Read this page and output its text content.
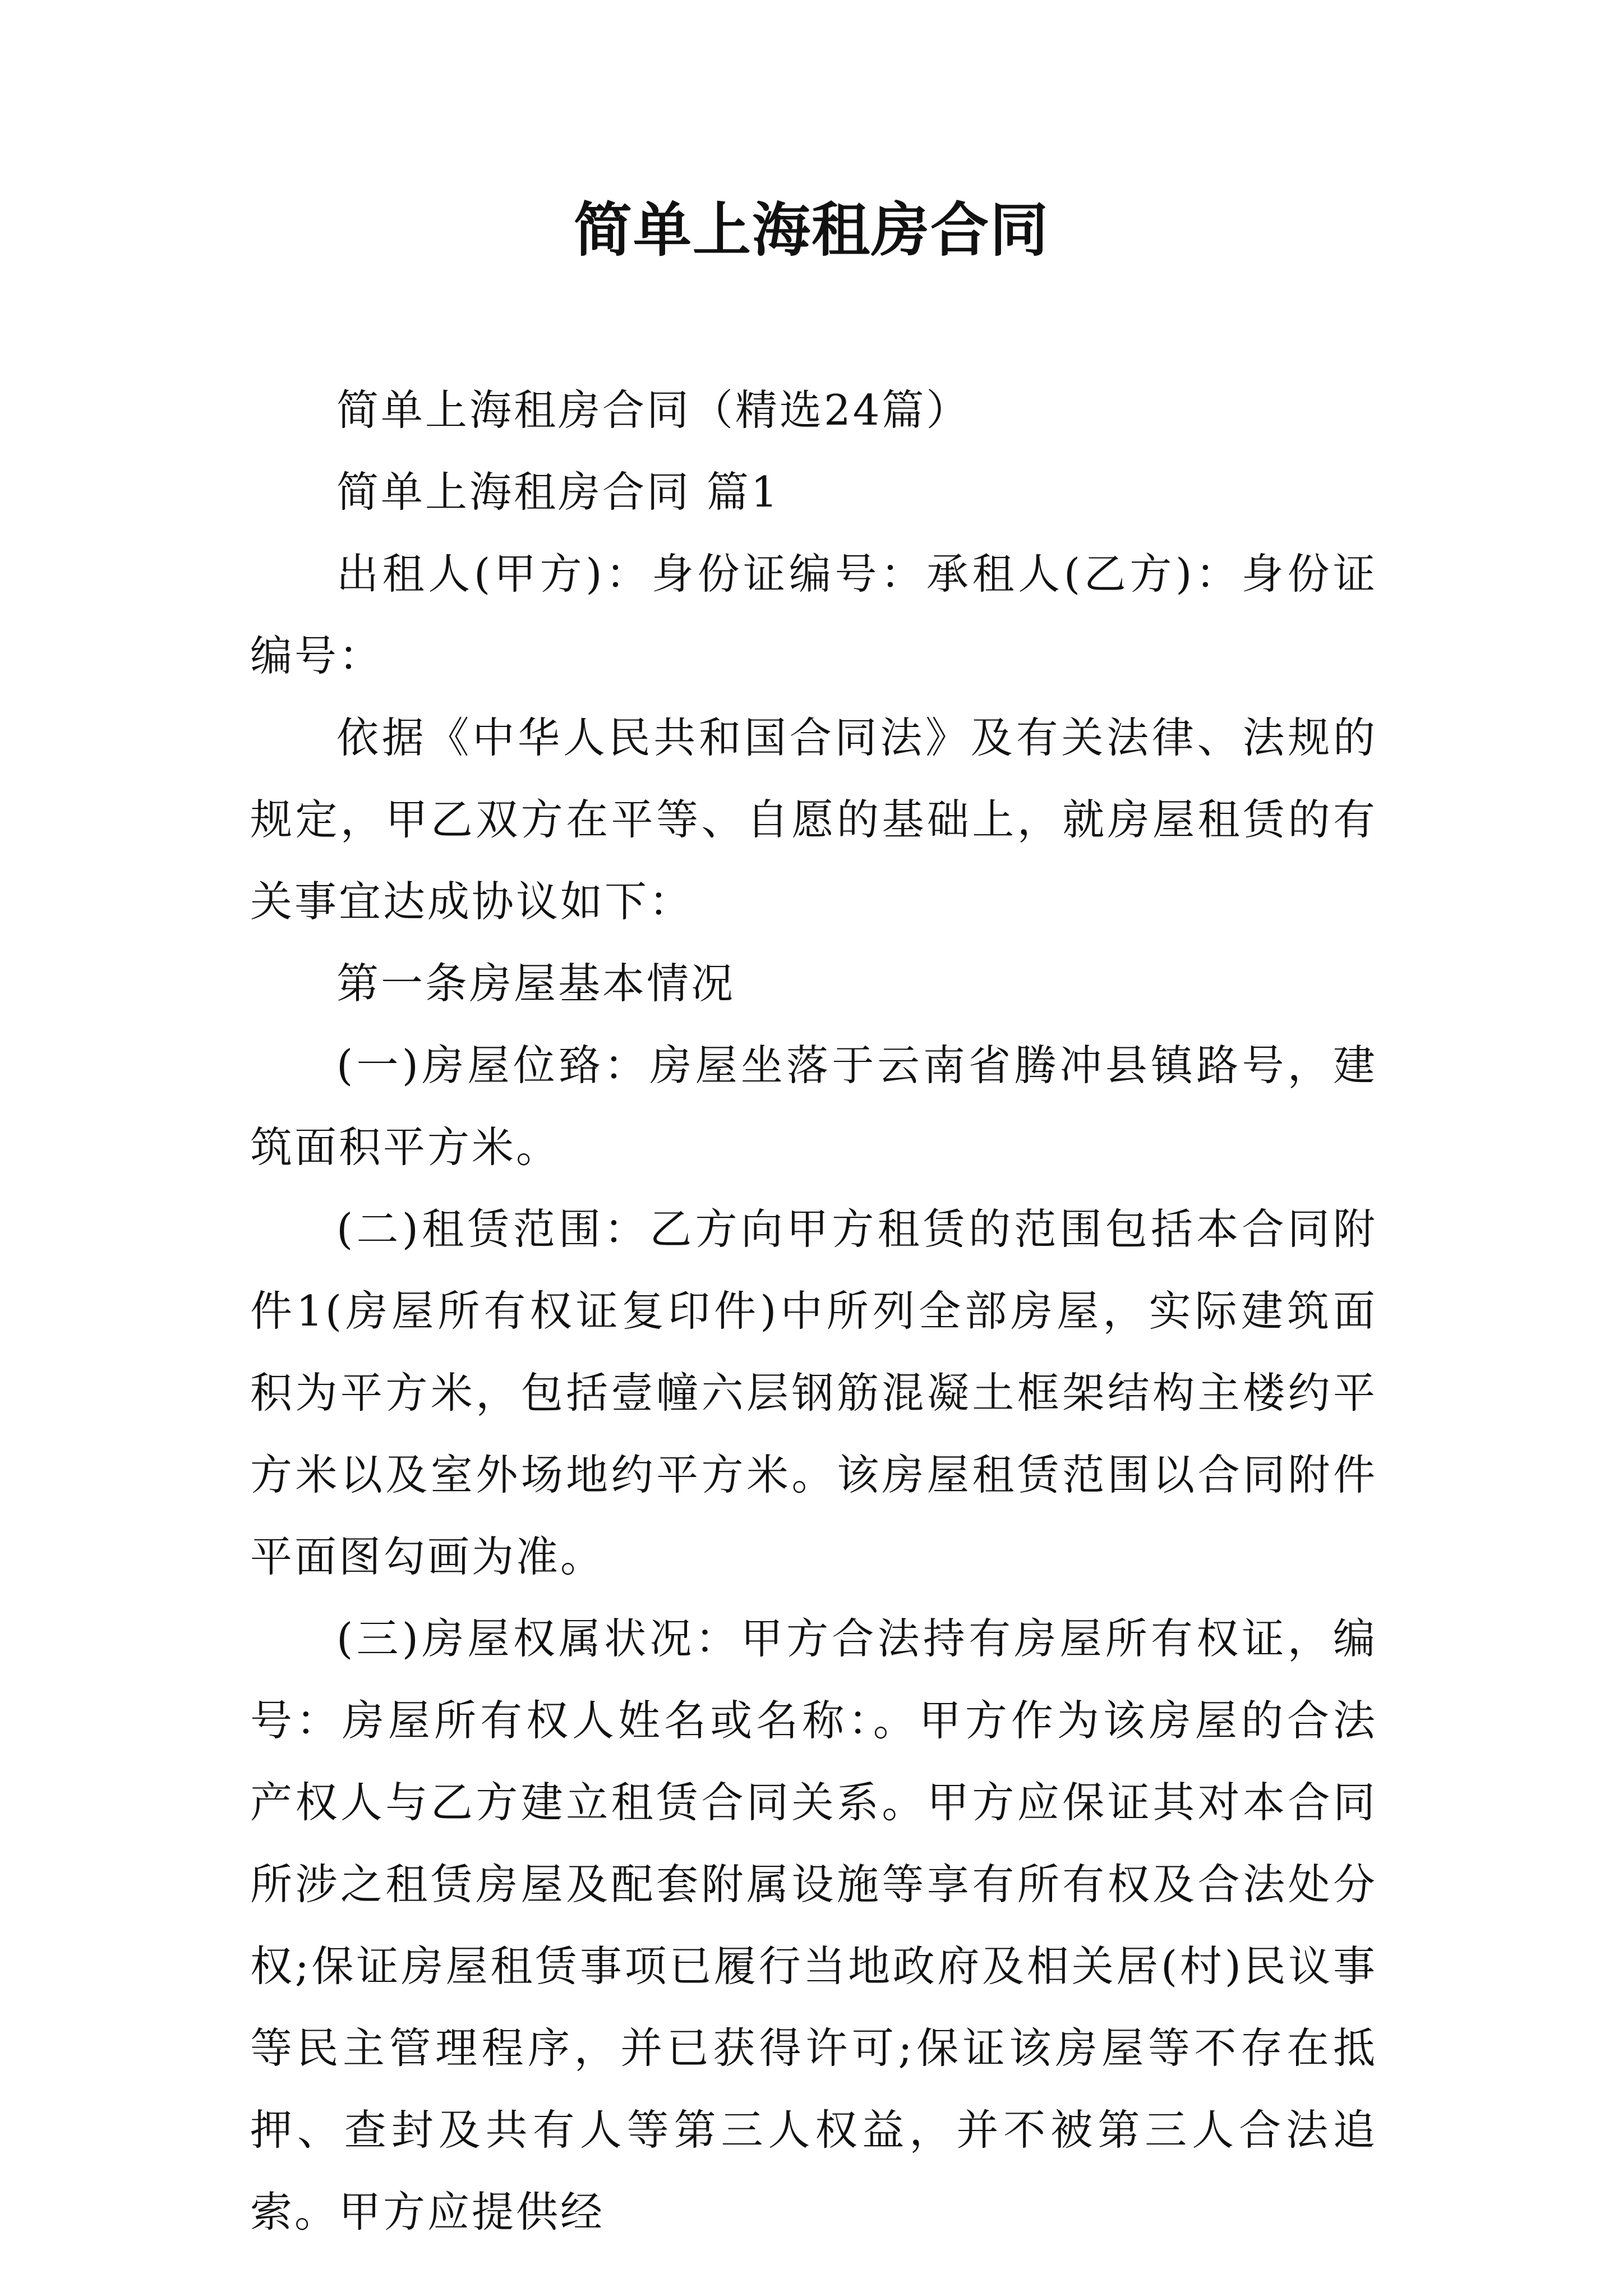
简单上海租房合同

简单上海租房合同（精选24篇）

简单上海租房合同 篇1

出租人(甲方)：身份证编号：承租人(乙方)：身份证编号：

依据《中华人民共和国合同法》及有关法律、法规的规定，甲乙双方在平等、自愿的基础上，就房屋租赁的有关事宜达成协议如下：

第一条房屋基本情况

(一)房屋位臵：房屋坐落于云南省腾冲县镇路号，建筑面积平方米。

(二)租赁范围：乙方向甲方租赁的范围包括本合同附件1(房屋所有权证复印件)中所列全部房屋，实际建筑面积为平方米，包括壹幢六层钢筋混凝土框架结构主楼约平方米以及室外场地约平方米。该房屋租赁范围以合同附件平面图勾画为准。

(三)房屋权属状况：甲方合法持有房屋所有权证，编号：房屋所有权人姓名或名称：。甲方作为该房屋的合法产权人与乙方建立租赁合同关系。甲方应保证其对本合同所涉之租赁房屋及配套附属设施等享有所有权及合法处分权;保证房屋租赁事项已履行当地政府及相关居(村)民议事等民主管理程序，并已获得许可;保证该房屋等不存在抵押、查封及共有人等第三人权益，并不被第三人合法追索。甲方应提供经
